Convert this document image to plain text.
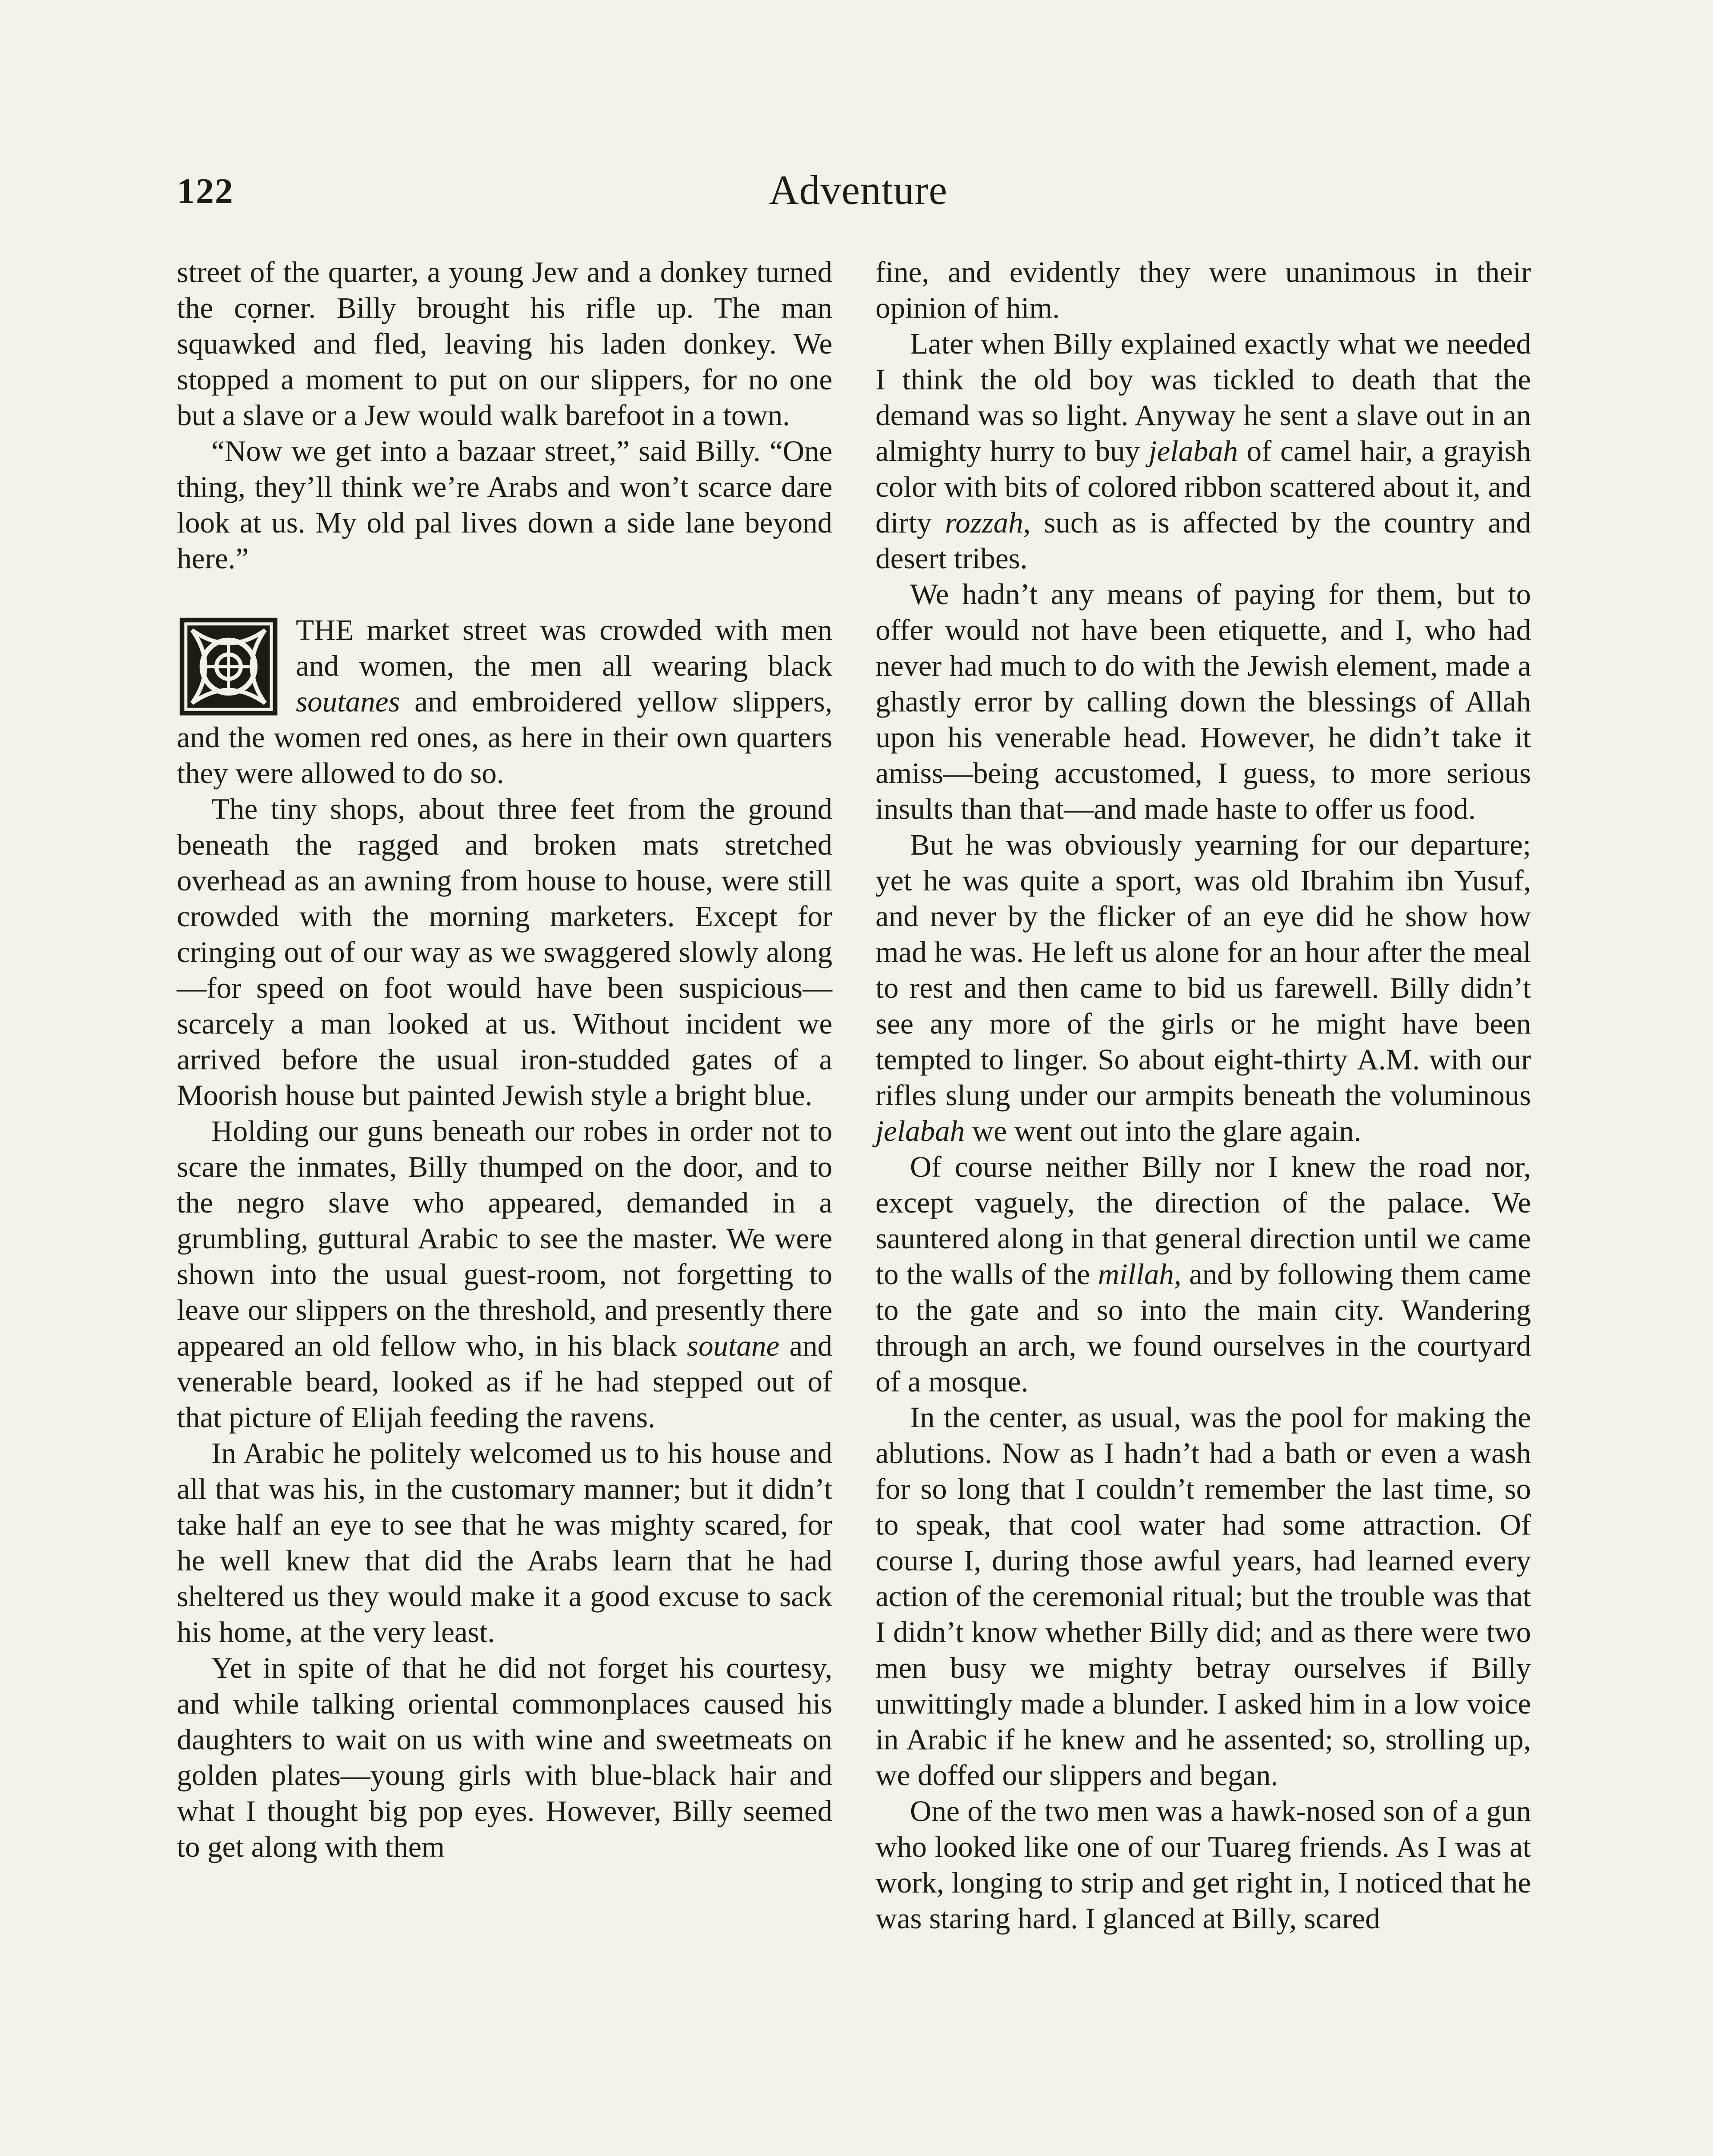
122	Adventure

street of the quarter, a young Jew and a donkey turned the cọrner. Billy brought his rifle up. The man squawked and fled, leaving his laden donkey. We stopped a moment to put on our slippers, for no one but a slave or a Jew would walk barefoot in a town.

“Now we get into a bazaar street,” said Billy. “One thing, they’ll think we’re Arabs and won’t scarce dare look at us. My old pal lives down a side lane beyond here.”

THE market street was crowded with men and women, the men all wearing black soutanes and embroidered yellow slippers, and the women red ones, as here in their own quarters they were allowed to do so.

The tiny shops, about three feet from the ground beneath the ragged and broken mats stretched overhead as an awning from house to house, were still crowded with the morning marketers. Except for cringing out of our way as we swaggered slowly along—for speed on foot would have been suspicious—scarcely a man looked at us. Without incident we arrived before the usual iron-studded gates of a Moorish house but painted Jewish style a bright blue.

Holding our guns beneath our robes in order not to scare the inmates, Billy thumped on the door, and to the negro slave who appeared, demanded in a grumbling, guttural Arabic to see the master. We were shown into the usual guest-room, not forgetting to leave our slippers on the threshold, and presently there appeared an old fellow who, in his black soutane and venerable beard, looked as if he had stepped out of that picture of Elijah feeding the ravens.

In Arabic he politely welcomed us to his house and all that was his, in the customary manner; but it didn’t take half an eye to see that he was mighty scared, for he well knew that did the Arabs learn that he had sheltered us they would make it a good excuse to sack his home, at the very least.

Yet in spite of that he did not forget his courtesy, and while talking oriental commonplaces caused his daughters to wait on us with wine and sweetmeats on golden plates—young girls with blue-black hair and what I thought big pop eyes. However, Billy seemed to get along with them

fine, and evidently they were unanimous in their opinion of him.

Later when Billy explained exactly what we needed I think the old boy was tickled to death that the demand was so light. Anyway he sent a slave out in an almighty hurry to buy jelabah of camel hair, a grayish color with bits of colored ribbon scattered about it, and dirty rozzah, such as is affected by the country and desert tribes.

We hadn’t any means of paying for them, but to offer would not have been etiquette, and I, who had never had much to do with the Jewish element, made a ghastly error by calling down the blessings of Allah upon his venerable head. However, he didn’t take it amiss—being accustomed, I guess, to more serious insults than that—and made haste to offer us food.

But he was obviously yearning for our departure; yet he was quite a sport, was old Ibrahim ibn Yusuf, and never by the flicker of an eye did he show how mad he was. He left us alone for an hour after the meal to rest and then came to bid us farewell. Billy didn’t see any more of the girls or he might have been tempted to linger. So about eight-thirty A.M. with our rifles slung under our armpits beneath the voluminous jelabah we went out into the glare again.

Of course neither Billy nor I knew the road nor, except vaguely, the direction of the palace. We sauntered along in that general direction until we came to the walls of the millah, and by following them came to the gate and so into the main city. Wandering through an arch, we found ourselves in the courtyard of a mosque.

In the center, as usual, was the pool for making the ablutions. Now as I hadn’t had a bath or even a wash for so long that I couldn’t remember the last time, so to speak, that cool water had some attraction. Of course I, during those awful years, had learned every action of the ceremonial ritual; but the trouble was that I didn’t know whether Billy did; and as there were two men busy we mighty betray ourselves if Billy unwittingly made a blunder. I asked him in a low voice in Arabic if he knew and he assented; so, strolling up, we doffed our slippers and began.

One of the two men was a hawk-nosed son of a gun who looked like one of our Tuareg friends. As I was at work, longing to strip and get right in, I noticed that he was staring hard. I glanced at Billy, scared
